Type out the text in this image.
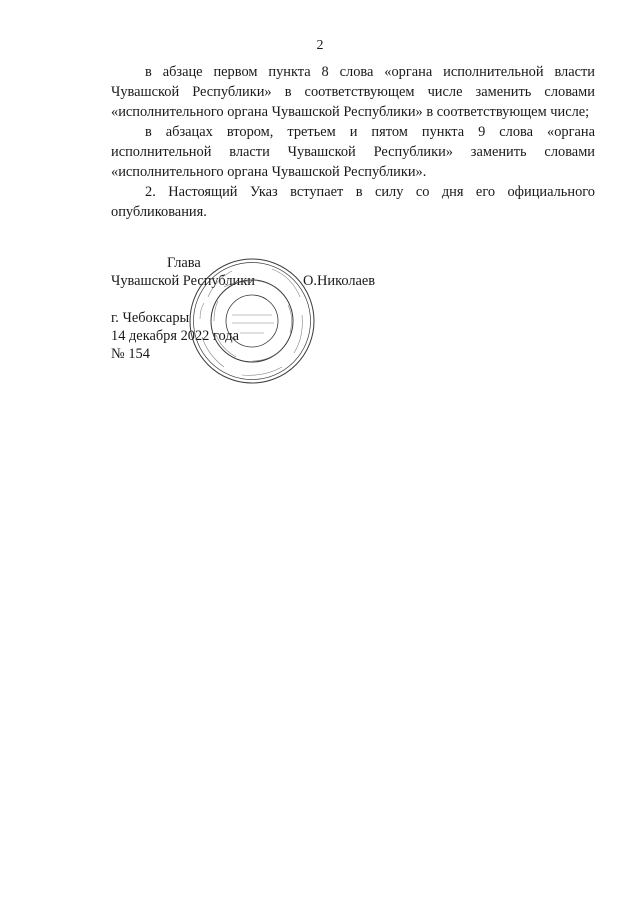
2

в абзаце первом пункта 8 слова «органа исполнительной власти Чувашской Республики» в соответствующем числе заменить словами «исполнительного органа Чувашской Республики» в соответствующем числе;

в абзацах втором, третьем и пятом пункта 9 слова «органа исполнительной власти Чувашской Республики» заменить словами «исполнительного органа Чувашской Республики».

2. Настоящий Указ вступает в силу со дня его официального опубликования.

Глава
Чувашской Республики	О.Николаев
г. Чебоксары
14 декабря 2022 года
№ 154
